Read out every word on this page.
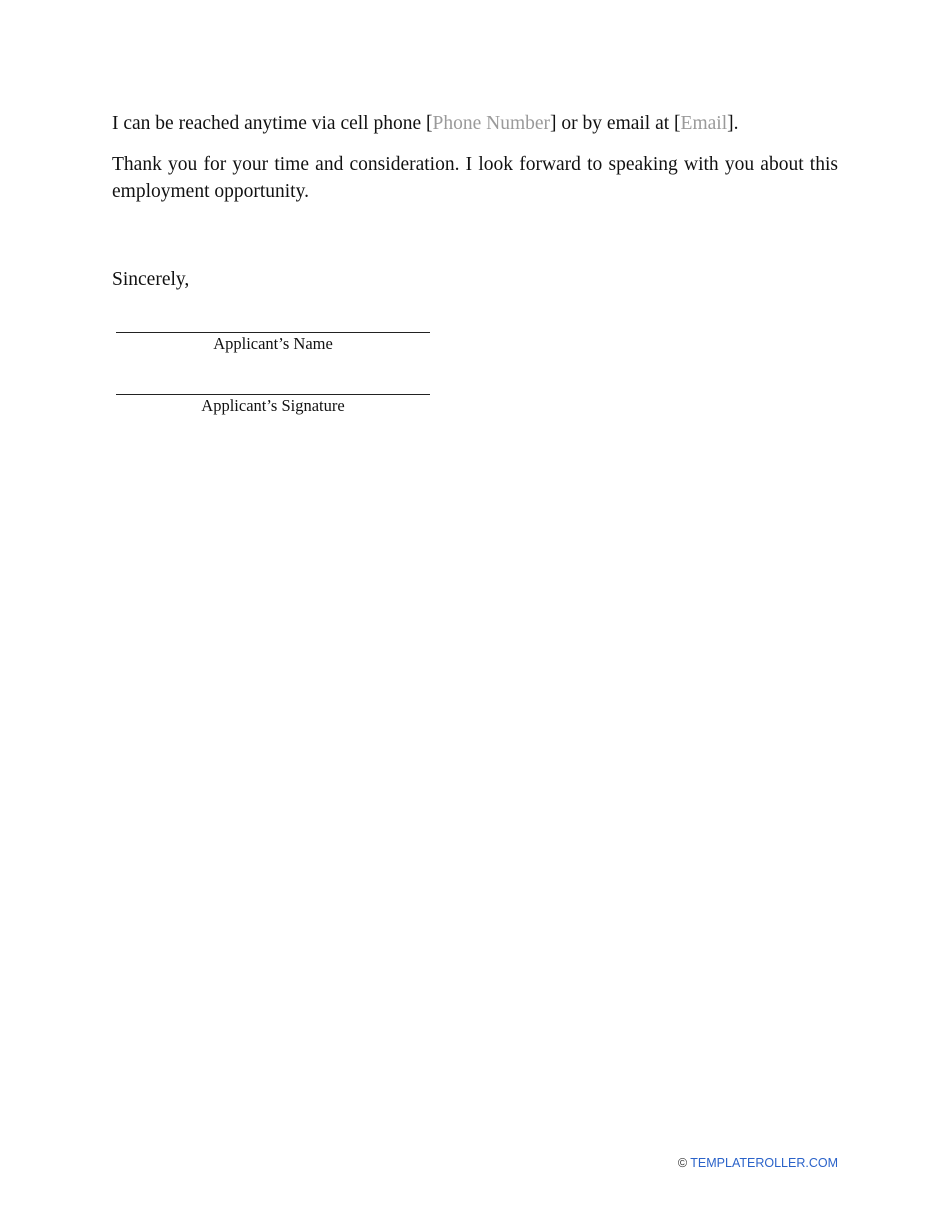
I can be reached anytime via cell phone [Phone Number] or by email at [Email].

Thank you for your time and consideration. I look forward to speaking with you about this employment opportunity.

Sincerely,

Applicant’s Name
Applicant’s Signature
© TEMPLATEROLLER.COM
